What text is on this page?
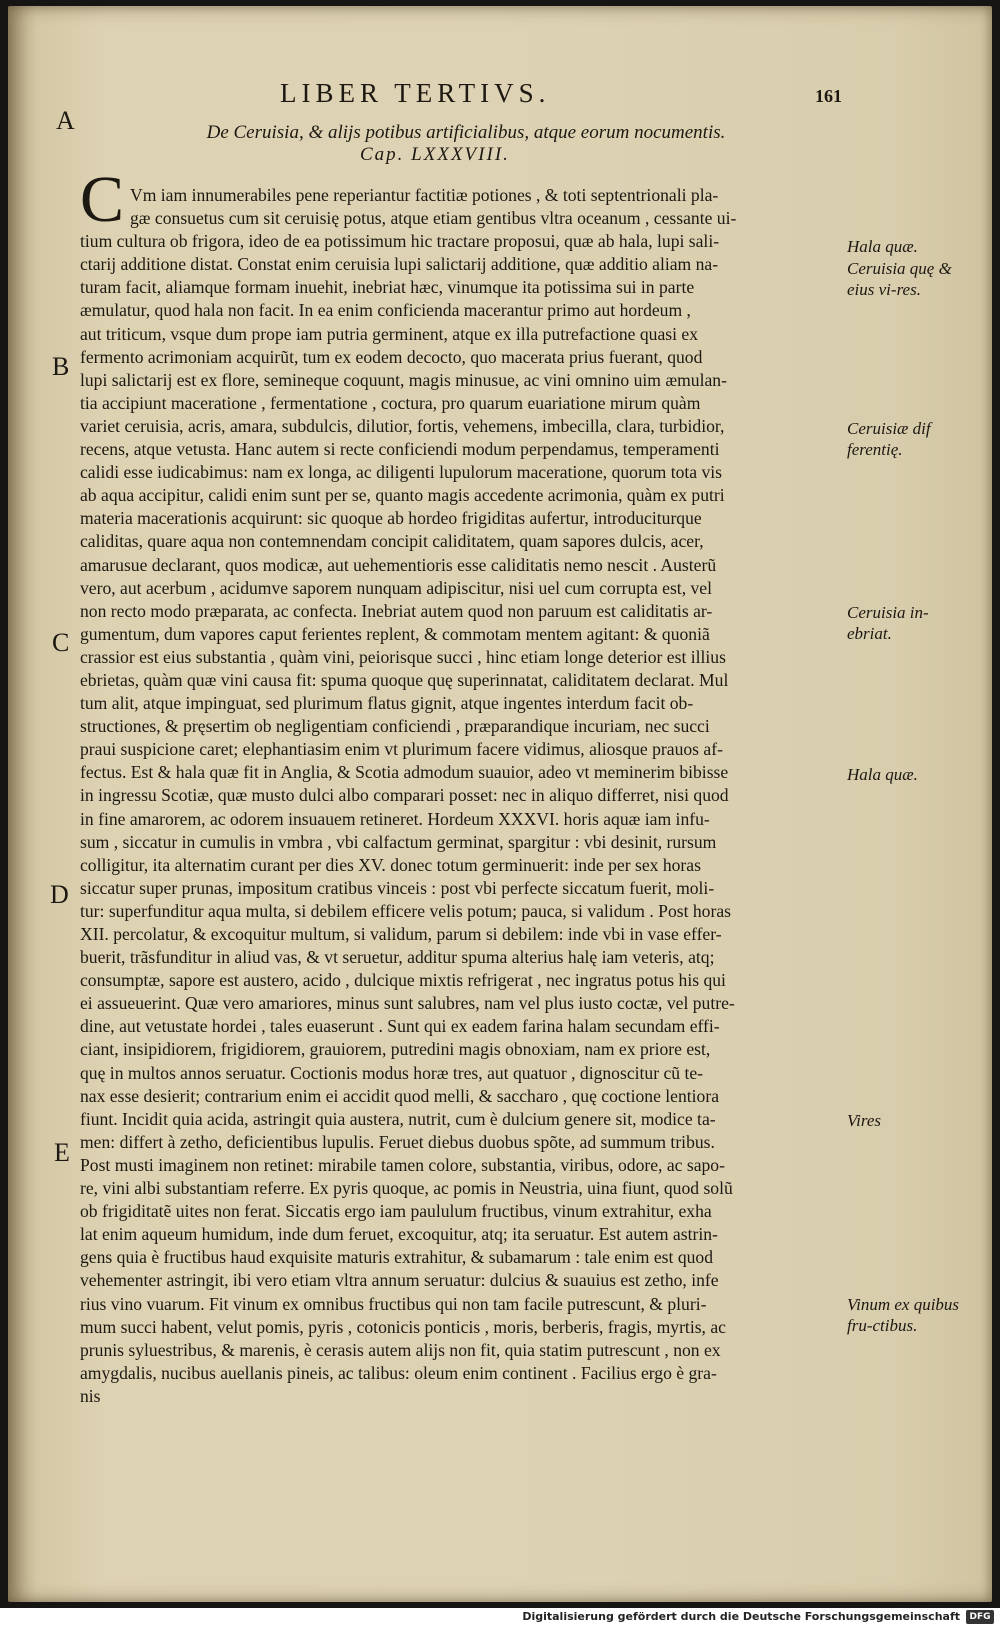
LIBER TERTIVS.	161
A
B
C
D
E
De Ceruisia, & alijs potibus artificialibus, atque eorum nocumentis.
Cap. LXXXVIII.
C Vm iam innumerabiles pene reperiantur factitiæ potiones , & toti septentrionali pla-
gæ consuetus cum sit ceruisię potus, atque etiam gentibus vltra oceanum , cessante ui-
tium cultura ob frigora, ideo de ea potissimum hic tractare proposui, quæ ab hala, lupi sali-
ctarij additione distat. Constat enim ceruisia lupi salictarij additione, quæ additio aliam na-
turam facit, aliamque formam inuehit, inebriat hæc, vinumque ita potissima sui in parte
æmulatur, quod hala non facit. In ea enim conficienda macerantur primo aut hordeum ,
aut triticum, vsque dum prope iam putria germinent, atque ex illa putrefactione quasi ex
fermento acrimoniam acquirũt, tum ex eodem decocto, quo macerata prius fuerant, quod
lupi salictarij est ex flore, semineque coquunt, magis minusue, ac vini omnino uim æmulan-
tia accipiunt maceratione , fermentatione , coctura, pro quarum euariatione mirum quàm
variet ceruisia, acris, amara, subdulcis, dilutior, fortis, vehemens, imbecilla, clara, turbidior,
recens, atque vetusta. Hanc autem si recte conficiendi modum perpendamus, temperamenti
calidi esse iudicabimus: nam ex longa, ac diligenti lupulorum maceratione, quorum tota vis
ab aqua accipitur, calidi enim sunt per se, quanto magis accedente acrimonia, quàm ex putri
materia macerationis acquirunt: sic quoque ab hordeo frigiditas aufertur, introduciturque
caliditas, quare aqua non contemnendam concipit caliditatem, quam sapores dulcis, acer,
amarusue declarant, quos modicæ, aut uehementioris esse caliditatis nemo nescit . Austerũ
vero, aut acerbum , acidumve saporem nunquam adipiscitur, nisi uel cum corrupta est, vel
non recto modo præparata, ac confecta. Inebriat autem quod non paruum est caliditatis ar-
gumentum, dum vapores caput ferientes replent, & commotam mentem agitant: & quoniã
crassior est eius substantia , quàm vini, peiorisque succi , hinc etiam longe deterior est illius
ebrietas, quàm quæ vini causa fit: spuma quoque quę superinnatat, caliditatem declarat. Mul
tum alit, atque impinguat, sed plurimum flatus gignit, atque ingentes interdum facit ob-
structiones, & pręsertim ob negligentiam conficiendi , præparandique incuriam, nec succi
praui suspicione caret; elephantiasim enim vt plurimum facere vidimus, aliosque prauos af-
fectus. Est & hala quæ fit in Anglia, & Scotia admodum suauior, adeo vt meminerim bibisse
in ingressu Scotiæ, quæ musto dulci albo comparari posset: nec in aliquo differret, nisi quod
in fine amarorem, ac odorem insuauem retineret. Hordeum XXXVI. horis aquæ iam infu-
sum , siccatur in cumulis in vmbra , vbi calfactum germinat, spargitur : vbi desinit, rursum
colligitur, ita alternatim curant per dies XV. donec totum germinuerit: inde per sex horas
siccatur super prunas, impositum cratibus vinceis : post vbi perfecte siccatum fuerit, moli-
tur: superfunditur aqua multa, si debilem efficere velis potum; pauca, si validum . Post horas
XII. percolatur, & excoquitur multum, si validum, parum si debilem: inde vbi in vase effer-
buerit, trãsfunditur in aliud vas, & vt seruetur, additur spuma alterius halę iam veteris, atq;
consumptæ, sapore est austero, acido , dulcique mixtis refrigerat , nec ingratus potus his qui
ei assueuerint. Quæ vero amariores, minus sunt salubres, nam vel plus iusto coctæ, vel putre-
dine, aut vetustate hordei , tales euaserunt . Sunt qui ex eadem farina halam secundam effi-
ciant, insipidiorem, frigidiorem, grauiorem, putredini magis obnoxiam, nam ex priore est,
quę in multos annos seruatur. Coctionis modus horæ tres, aut quatuor , dignoscitur cũ te-
nax esse desierit; contrarium enim ei accidit quod melli, & sacchаro , quę coctione lentiora
fiunt. Incidit quia acida, astringit quia austera, nutrit, cum è dulcium genere sit, modice ta-
men: differt à zetho, deficientibus lupulis. Feruet diebus duobus spõte, ad summum tribus.
Post musti imaginem non retinet: mirabile tamen colore, substantia, viribus, odore, ac sapo-
re, vini albi substantiam referre. Ex pyris quoque, ac pomis in Neustria, uina fiunt, quod solũ
ob frigiditatẽ uites non ferat. Siccatis ergo iam paululum fructibus, vinum extrahitur, exha
lat enim aqueum humidum, inde dum feruet, excoquitur, atq; ita seruatur. Est autem astrin-
gens quia è fructibus haud exquisite maturis extrahitur, & subamarum : tale enim est quod
vehementer astringit, ibi vero etiam vltra annum seruatur: dulcius & suauius est zetho, infe
rius vino vuarum. Fit vinum ex omnibus fructibus qui non tam facile putrescunt, & pluri-
mum succi habent, velut pomis, pyris , cotonicis ponticis , moris, berberis, fragis, myrtis, ac
prunis syluestribus, & marenis, è cerasis autem alijs non fit, quia statim putrescunt , non ex
amygdalis, nucibus auellanis pineis, ac talibus: oleum enim continent . Facilius ergo è gra-
nis
Hala quæ.
Ceruisia quę & eius vi-res.
Ceruisiæ dif ferentię.
Ceruisia in-ebriat.
Hala quæ.
Vires
Vinum ex quibus fru-ctibus.
Digitalisierung gefördert durch die Deutsche Forschungsgemeinschaft	DFG
